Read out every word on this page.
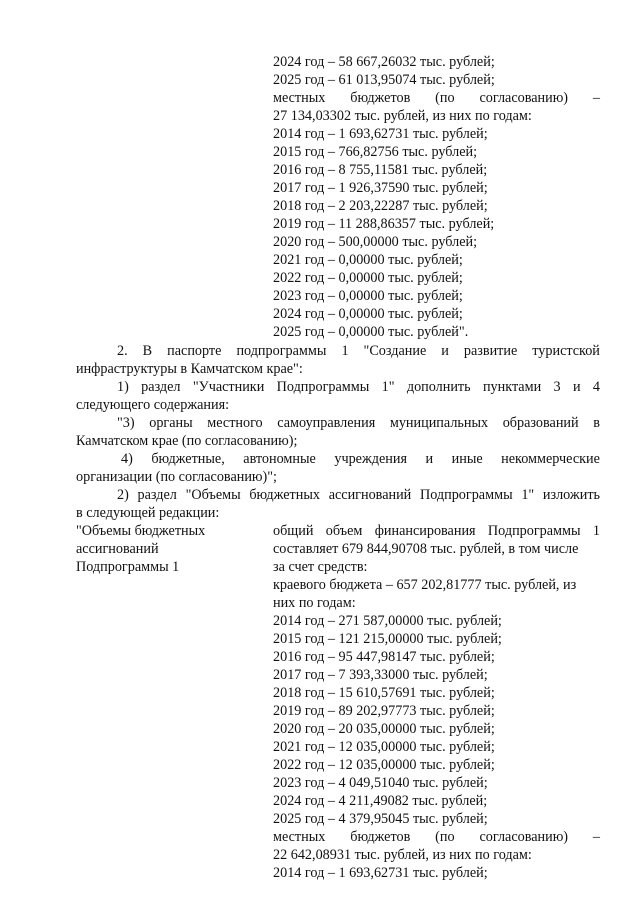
2024 год – 58 667,26032 тыс. рублей;
2025 год – 61 013,95074 тыс. рублей;
местных бюджетов (по согласованию) –
27 134,03302 тыс. рублей, из них по годам:
2014 год – 1 693,62731 тыс. рублей;
2015 год – 766,82756 тыс. рублей;
2016 год – 8 755,11581 тыс. рублей;
2017 год – 1 926,37590 тыс. рублей;
2018 год – 2 203,22287 тыс. рублей;
2019 год – 11 288,86357 тыс. рублей;
2020 год – 500,00000 тыс. рублей;
2021 год – 0,00000 тыс. рублей;
2022 год – 0,00000 тыс. рублей;
2023 год – 0,00000 тыс. рублей;
2024 год – 0,00000 тыс. рублей;
2025 год – 0,00000 тыс. рублей".
2. В паспорте подпрограммы 1 "Создание и развитие туристской
инфраструктуры в Камчатском крае":
1) раздел "Участники Подпрограммы 1" дополнить пунктами 3 и 4
следующего содержания:
"3) органы местного самоуправления муниципальных образований в
Камчатском крае (по согласованию);
4) бюджетные, автономные учреждения и иные некоммерческие
организации (по согласованию)";
2) раздел "Объемы бюджетных ассигнований Подпрограммы 1" изложить
в следующей редакции:
"Объемы бюджетных
ассигнований
Подпрограммы 1
общий объем финансирования Подпрограммы 1
составляет 679 844,90708 тыс. рублей, в том числе
за счет средств:
краевого бюджета – 657 202,81777 тыс. рублей, из
них по годам:
2014 год – 271 587,00000 тыс. рублей;
2015 год – 121 215,00000 тыс. рублей;
2016 год – 95 447,98147 тыс. рублей;
2017 год – 7 393,33000 тыс. рублей;
2018 год – 15 610,57691 тыс. рублей;
2019 год – 89 202,97773 тыс. рублей;
2020 год – 20 035,00000 тыс. рублей;
2021 год – 12 035,00000 тыс. рублей;
2022 год – 12 035,00000 тыс. рублей;
2023 год – 4 049,51040 тыс. рублей;
2024 год – 4 211,49082 тыс. рублей;
2025 год – 4 379,95045 тыс. рублей;
местных бюджетов (по согласованию) –
22 642,08931 тыс. рублей, из них по годам:
2014 год – 1 693,62731 тыс. рублей;
